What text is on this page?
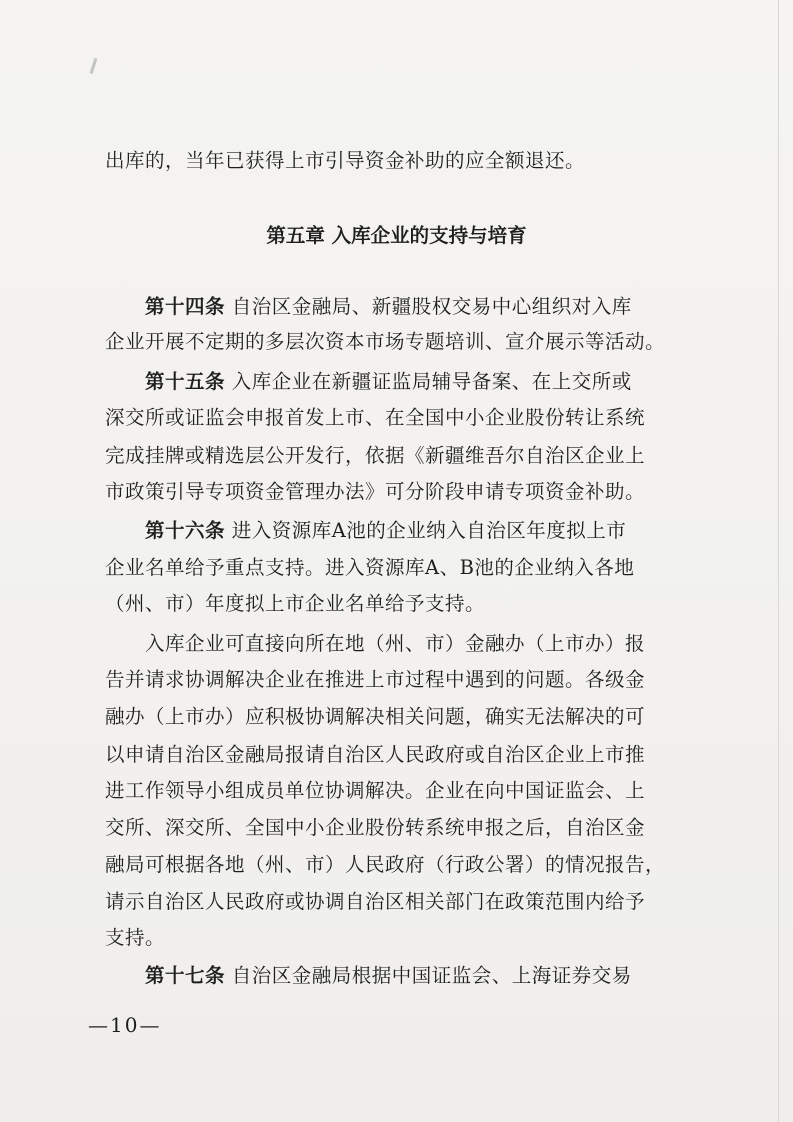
出库的，当年已获得上市引导资金补助的应全额退还。
第五章 入库企业的支持与培育
第十四条 自治区金融局、新疆股权交易中心组织对入库
企业开展不定期的多层次资本市场专题培训、宣介展示等活动。
第十五条 入库企业在新疆证监局辅导备案、在上交所或
深交所或证监会申报首发上市、在全国中小企业股份转让系统
完成挂牌或精选层公开发行，依据《新疆维吾尔自治区企业上
市政策引导专项资金管理办法》可分阶段申请专项资金补助。
第十六条 进入资源库A池的企业纳入自治区年度拟上市
企业名单给予重点支持。进入资源库A、B池的企业纳入各地
（州、市）年度拟上市企业名单给予支持。
入库企业可直接向所在地（州、市）金融办（上市办）报
告并请求协调解决企业在推进上市过程中遇到的问题。各级金
融办（上市办）应积极协调解决相关问题，确实无法解决的可
以申请自治区金融局报请自治区人民政府或自治区企业上市推
进工作领导小组成员单位协调解决。企业在向中国证监会、上
交所、深交所、全国中小企业股份转系统申报之后，自治区金
融局可根据各地（州、市）人民政府（行政公署）的情况报告，
请示自治区人民政府或协调自治区相关部门在政策范围内给予
支持。
第十七条 自治区金融局根据中国证监会、上海证券交易
—10—
